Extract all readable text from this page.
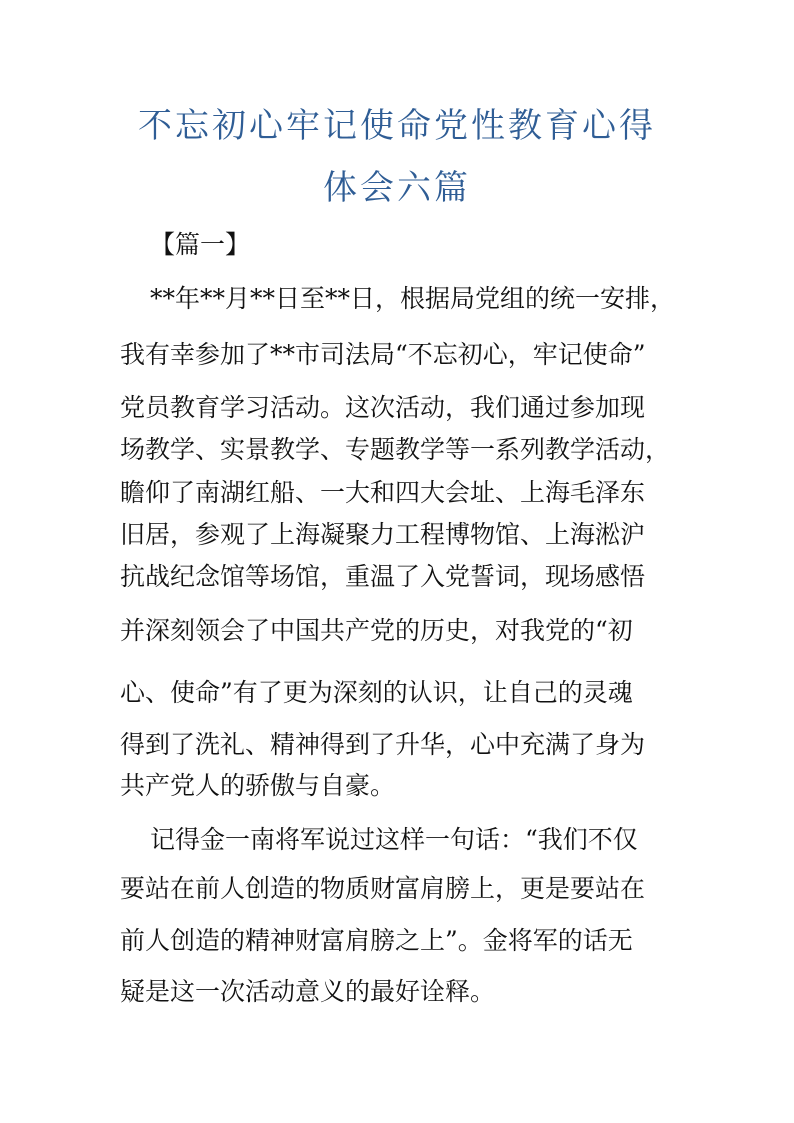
不忘初心牢记使命党性教育心得
体会六篇
【篇一】
**年**月**日至**日，根据局党组的统一安排，
我有幸参加了**市司法局“不忘初心，牢记使命”
党员教育学习活动。这次活动，我们通过参加现
场教学、实景教学、专题教学等一系列教学活动，
瞻仰了南湖红船、一大和四大会址、上海毛泽东
旧居，参观了上海凝聚力工程博物馆、上海淞沪
抗战纪念馆等场馆，重温了入党誓词，现场感悟
并深刻领会了中国共产党的历史，对我党的“初
心、使命”有了更为深刻的认识，让自己的灵魂
得到了洗礼、精神得到了升华，心中充满了身为
共产党人的骄傲与自豪。
记得金一南将军说过这样一句话：“我们不仅
要站在前人创造的物质财富肩膀上，更是要站在
前人创造的精神财富肩膀之上”。金将军的话无
疑是这一次活动意义的最好诠释。
